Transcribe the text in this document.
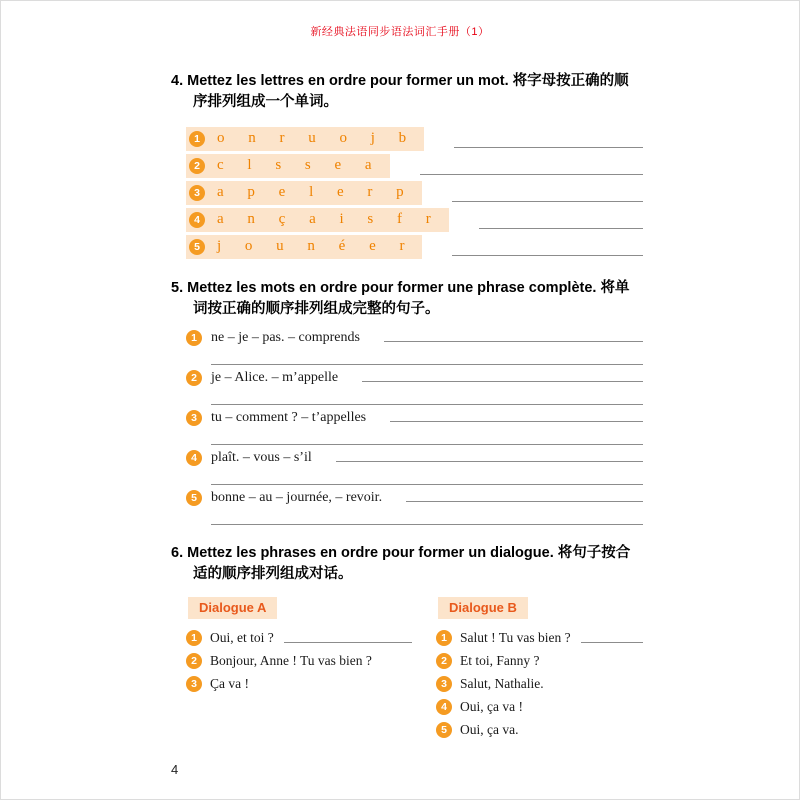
新经典法语同步语法词汇手册（1）
4. Mettez les lettres en ordre pour former un mot. 将字母按正确的顺序排列组成一个单词。
1	o n r u o j b
2	c l s s e a
3	a p e l e r p
4	a n ç a i s f r
5	j o u n é e r
5. Mettez les mots en ordre pour former une phrase complète. 将单词按正确的顺序排列组成完整的句子。
1	ne – je – pas. – comprends
2	je – Alice. – m’appelle
3	tu – comment ? – t’appelles
4	plaît. – vous – s’il
5	bonne – au – journée, – revoir.
6. Mettez les phrases en ordre pour former un dialogue. 将句子按合适的顺序排列组成对话。
Dialogue A
1 Oui, et toi ?
2 Bonjour, Anne ! Tu vas bien ?
3 Ça va !
Dialogue B
1 Salut ! Tu vas bien ?
2 Et toi, Fanny ?
3 Salut, Nathalie.
4 Oui, ça va !
5 Oui, ça va.
4
